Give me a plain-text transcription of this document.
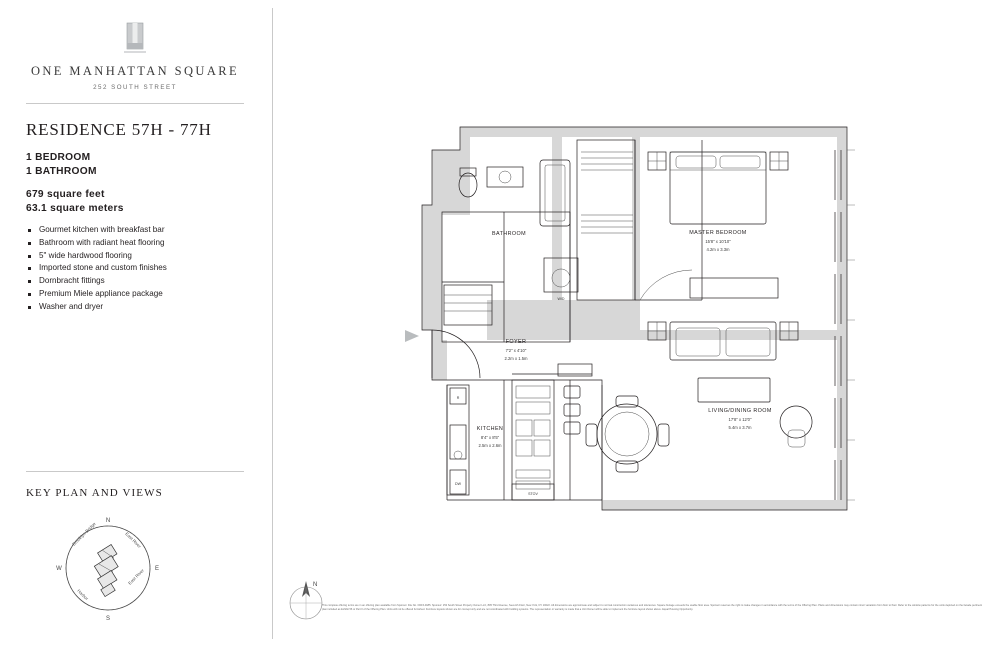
ONE MANHATTAN SQUARE
252 SOUTH STREET
RESIDENCE 57H - 77H
1 BEDROOM
1 BATHROOM
679 square feet
63.1 square meters
Gourmet kitchen with breakfast bar
Bathroom with radiant heat flooring
5" wide hardwood flooring
Imported stone and custom finishes
Dornbracht fittings
Premium Miele appliance package
Washer and dryer
KEY PLAN AND VIEWS
N
S
E
W
Brooklyn Bridge	East River
East River
Harbor
W/D
R
DW
STOV
BATHROOM	MASTER BEDROOM
15'8" x 10'10"
4.2m x 3.3m
FOYER
7'2" x 4'10"
2.2m x 1.5m
KITCHEN
8'4" x 8'5"
2.5m x 2.6m
LIVING/DINING ROOM
17'8" x 12'0"
5.4m x 3.7m
N
This complete offering terms are in an offering plan available from Sponsor. File No. CD15-0185. Sponsor: 252 South Street Property Owner LLC, 805 Third Avenue, Seventh Floor, New York, NY 10022. All dimensions are approximate and subject to normal construction variances and tolerances. Square footage exceeds the usable floor area. Sponsor reserves the right to make changes in accordance with the terms of the Offering Plan. Plans and dimensions may contain minor variations from floor to floor. Refer to the window patterns for the units depicted on the facade pertinent plan included as Exhibit 56 or Part II of the Offering Plan. Units will not be offered furnished. Furniture layouts shown are for concept only and are not coordinated with building systems. The representation or warranty is made that a Unit Owner will be able to implement the furniture layout shown above. Equal Housing Opportunity.
